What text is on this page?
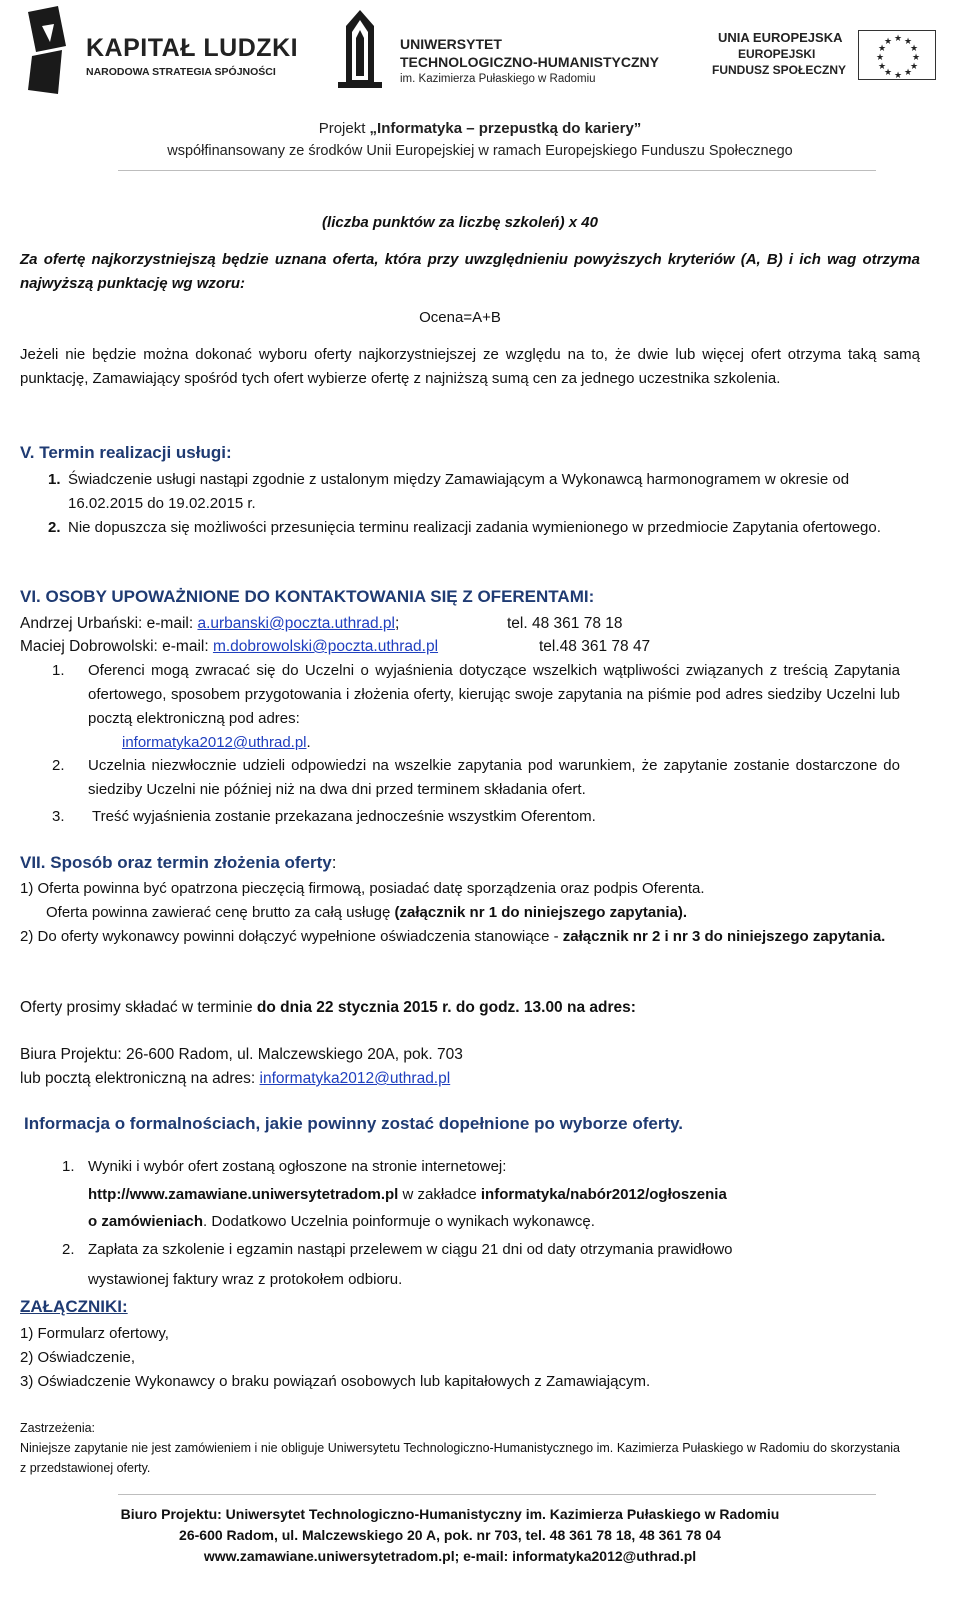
KAPITAŁ LUDZKI
NARODOWA STRATEGIA SPÓJNOŚCI
UNIWERSYTET
TECHNOLOGICZNO-HUMANISTYCZNY
im. Kazimierza Pułaskiego w Radomiu
UNIA EUROPEJSKA
EUROPEJSKI
FUNDUSZ SPOŁECZNY
★ ★
★
★
★
★
★
★
★
★
★
★
Projekt „Informatyka – przepustką do kariery”
współfinansowany ze środków Unii Europejskiej w ramach Europejskiego Funduszu Społecznego
(liczba punktów za liczbę szkoleń) x 40
Za ofertę najkorzystniejszą będzie uznana oferta, która przy uwzględnieniu powyższych kryteriów (A, B) i ich wag otrzyma najwyższą punktację wg wzoru:
Ocena=A+B
Jeżeli nie będzie można dokonać wyboru oferty najkorzystniejszej ze względu na to, że dwie lub więcej ofert otrzyma taką samą punktację, Zamawiający spośród tych ofert wybierze ofertę z najniższą sumą cen za jednego uczestnika szkolenia.
V. Termin realizacji usługi:
1. Świadczenie usługi nastąpi zgodnie z ustalonym między Zamawiającym a Wykonawcą harmonogramem w okresie od 16.02.2015 do 19.02.2015 r.
2. Nie dopuszcza się możliwości przesunięcia terminu realizacji zadania wymienionego w przedmiocie Zapytania ofertowego.
VI. OSOBY UPOWAŻNIONE DO KONTAKTOWANIA SIĘ Z OFERENTAMI:
Andrzej Urbański: e-mail: a.urbanski@poczta.uthrad.pl;	tel. 48 361 78 18
Maciej Dobrowolski: e-mail: m.dobrowolski@poczta.uthrad.pl	tel.48 361 78 47
1. Oferenci mogą zwracać się do Uczelni o wyjaśnienia dotyczące wszelkich wątpliwości związanych z treścią Zapytania ofertowego, sposobem przygotowania i złożenia oferty, kierując swoje zapytania na piśmie pod adres siedziby Uczelni lub pocztą elektroniczną pod adres:
informatyka2012@uthrad.pl.
2. Uczelnia niezwłocznie udzieli odpowiedzi na wszelkie zapytania pod warunkiem, że zapytanie zostanie dostarczone do siedziby Uczelni nie później niż na dwa dni przed terminem składania ofert.
3. Treść wyjaśnienia zostanie przekazana jednocześnie wszystkim Oferentom.
VII. Sposób oraz termin złożenia oferty:
1) Oferta powinna być opatrzona pieczęcią firmową, posiadać datę sporządzenia oraz podpis Oferenta.
Oferta powinna zawierać cenę brutto za całą usługę (załącznik nr 1 do niniejszego zapytania).
2) Do oferty wykonawcy powinni dołączyć wypełnione oświadczenia stanowiące - załącznik nr 2 i nr 3 do niniejszego zapytania.
Oferty prosimy składać w terminie do dnia 22 stycznia 2015 r. do godz. 13.00 na adres:
Biura Projektu: 26-600 Radom, ul. Malczewskiego 20A, pok. 703
lub pocztą elektroniczną na adres: informatyka2012@uthrad.pl
Informacja o formalnościach, jakie powinny zostać dopełnione po wyborze oferty.
1. Wyniki i wybór ofert zostaną ogłoszone na stronie internetowej:
http://www.zamawiane.uniwersytetradom.pl w zakładce informatyka/nabór2012/ogłoszenia
o zamówieniach. Dodatkowo Uczelnia poinformuje o wynikach wykonawcę.
2. Zapłata za szkolenie i egzamin nastąpi przelewem w ciągu 21 dni od daty otrzymania prawidłowo
wystawionej faktury wraz z protokołem odbioru.
ZAŁĄCZNIKI:
1) Formularz ofertowy,
2) Oświadczenie,
3) Oświadczenie Wykonawcy o braku powiązań osobowych lub kapitałowych z Zamawiającym.
Zastrzeżenia:
Niniejsze zapytanie nie jest zamówieniem i nie obliguje Uniwersytetu Technologiczno-Humanistycznego im. Kazimierza Pułaskiego w Radomiu do skorzystania z przedstawionej oferty.
Biuro Projektu: Uniwersytet Technologiczno-Humanistyczny im. Kazimierza Pułaskiego w Radomiu
26-600 Radom, ul. Malczewskiego 20 A, pok. nr 703, tel. 48 361 78 18, 48 361 78 04
www.zamawiane.uniwersytetradom.pl; e-mail: informatyka2012@uthrad.pl
